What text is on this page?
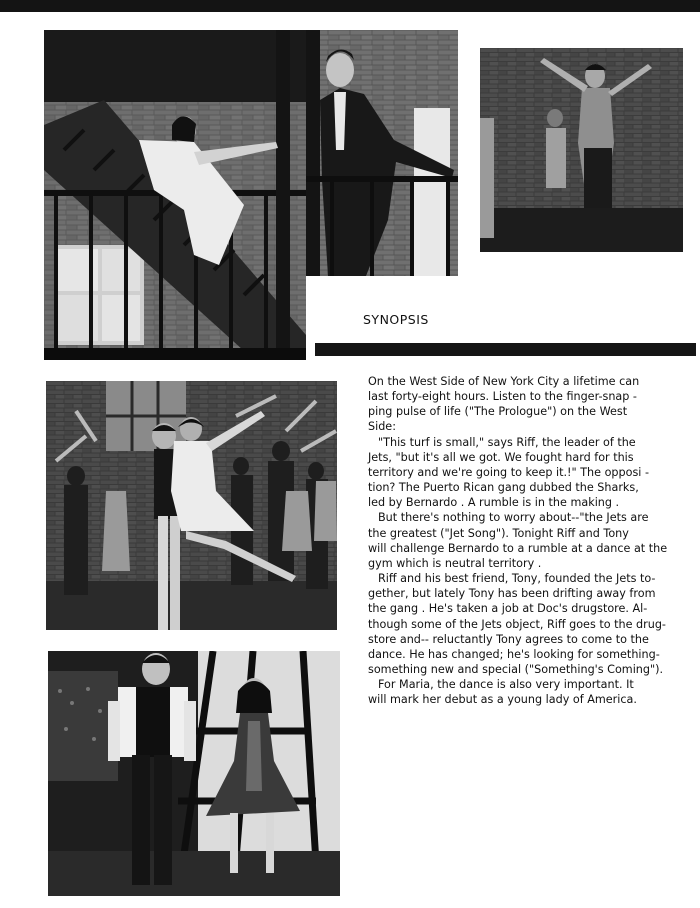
SYNOPSIS

On the West Side of New York City a lifetime can
last forty-eight hours. Listen to the finger-snap -
ping pulse of life ("The Prologue") on the West
Side:

"This turf is small," says Riff, the leader of the
Jets, "but it's all we got. We fought hard for this
territory and we're going to keep it.!" The opposi -
tion? The Puerto Rican gang dubbed the Sharks,
led by Bernardo . A rumble is in the making .

But there's nothing to worry about--"the Jets are
the greatest ("Jet Song"). Tonight Riff and Tony
will challenge Bernardo to a rumble at a dance at the
gym which is neutral territory .

Riff and his best friend, Tony, founded the Jets to-
gether, but lately Tony has been drifting away from
the gang . He's taken a job at Doc's drugstore. Al-
though some of the Jets object, Riff goes to the drug-
store and-- reluctantly Tony agrees to come to the
dance. He has changed; he's looking for something-
something new and special ("Something's Coming").

For Maria, the dance is also very important. It
will mark her debut as a young lady of America.
